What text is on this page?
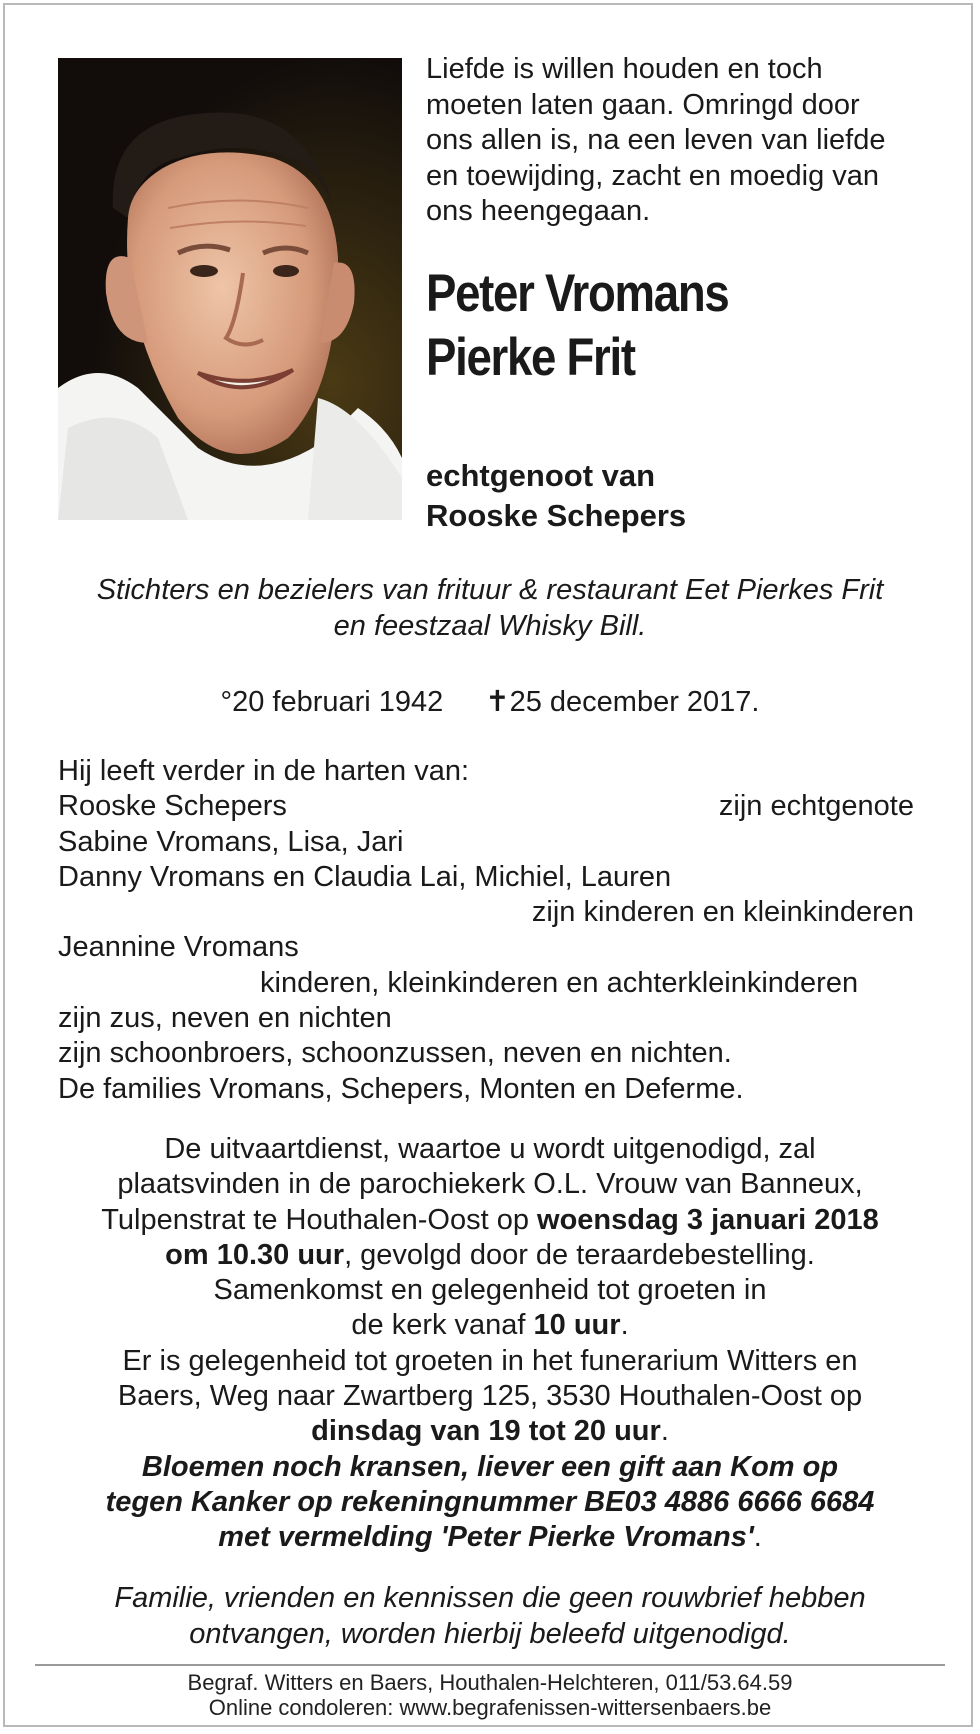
Liefde is willen houden en toch
moeten laten gaan. Omringd door
ons allen is, na een leven van liefde
en toewijding, zacht en moedig van
ons heengegaan.
Peter Vromans
Pierke Frit
echtgenoot van
Rooske Schepers
Stichters en bezielers van frituur & restaurant Eet Pierkes Frit
en feestzaal Whisky Bill.
°20 februari 1942 ✝25 december 2017.
Hij leeft verder in de harten van:
Rooske Schepers	zijn echtgenote
Sabine Vromans, Lisa, Jari
Danny Vromans en Claudia Lai, Michiel, Lauren
zijn kinderen en kleinkinderen
Jeannine Vromans
kinderen, kleinkinderen en achterkleinkinderen
zijn zus, neven en nichten
zijn schoonbroers, schoonzussen, neven en nichten.
De families Vromans, Schepers, Monten en Deferme.
De uitvaartdienst, waartoe u wordt uitgenodigd, zal
plaatsvinden in de parochiekerk O.L. Vrouw van Banneux,
Tulpenstrat te Houthalen-Oost op woensdag 3 januari 2018
om 10.30 uur, gevolgd door de teraardebestelling.
Samenkomst en gelegenheid tot groeten in
de kerk vanaf 10 uur.
Er is gelegenheid tot groeten in het funerarium Witters en
Baers, Weg naar Zwartberg 125, 3530 Houthalen-Oost op
dinsdag van 19 tot 20 uur.
Bloemen noch kransen, liever een gift aan Kom op
tegen Kanker op rekeningnummer BE03 4886 6666 6684
met vermelding 'Peter Pierke Vromans'.
Familie, vrienden en kennissen die geen rouwbrief hebben
ontvangen, worden hierbij beleefd uitgenodigd.
Begraf. Witters en Baers, Houthalen-Helchteren, 011/53.64.59
Online condoleren: www.begrafenissen-wittersenbaers.be
